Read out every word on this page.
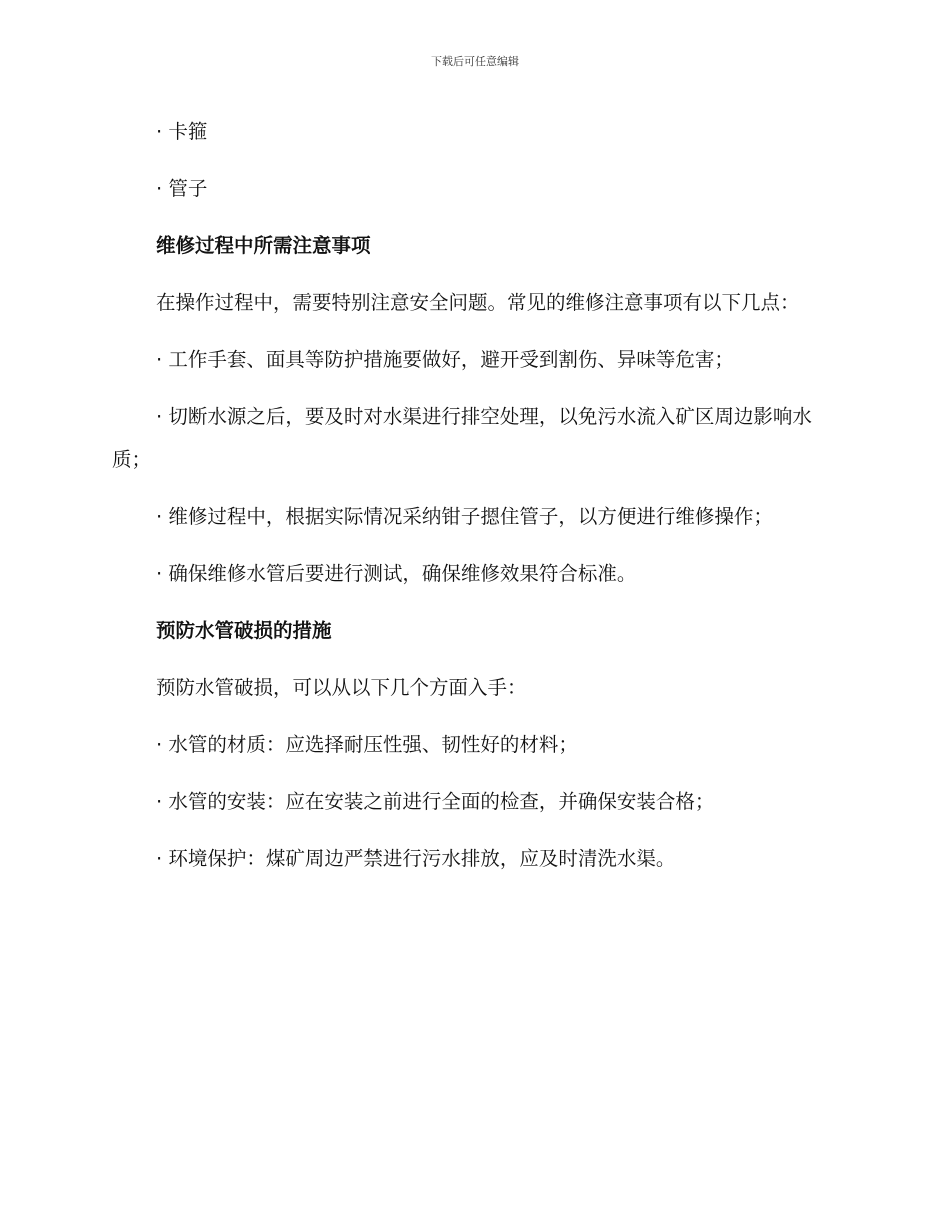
下载后可任意编辑

· 卡箍

· 管子

维修过程中所需注意事项

在操作过程中，需要特别注意安全问题。常见的维修注意事项有以下几点：

· 工作手套、面具等防护措施要做好，避开受到割伤、异味等危害；

· 切断水源之后，要及时对水渠进行排空处理，以免污水流入矿区周边影响水质；

· 维修过程中，根据实际情况采纳钳子摁住管子，以方便进行维修操作；

· 确保维修水管后要进行测试，确保维修效果符合标准。

预防水管破损的措施

预防水管破损，可以从以下几个方面入手：

· 水管的材质：应选择耐压性强、韧性好的材料；

· 水管的安装：应在安装之前进行全面的检查，并确保安装合格；

· 环境保护：煤矿周边严禁进行污水排放，应及时清洗水渠。
